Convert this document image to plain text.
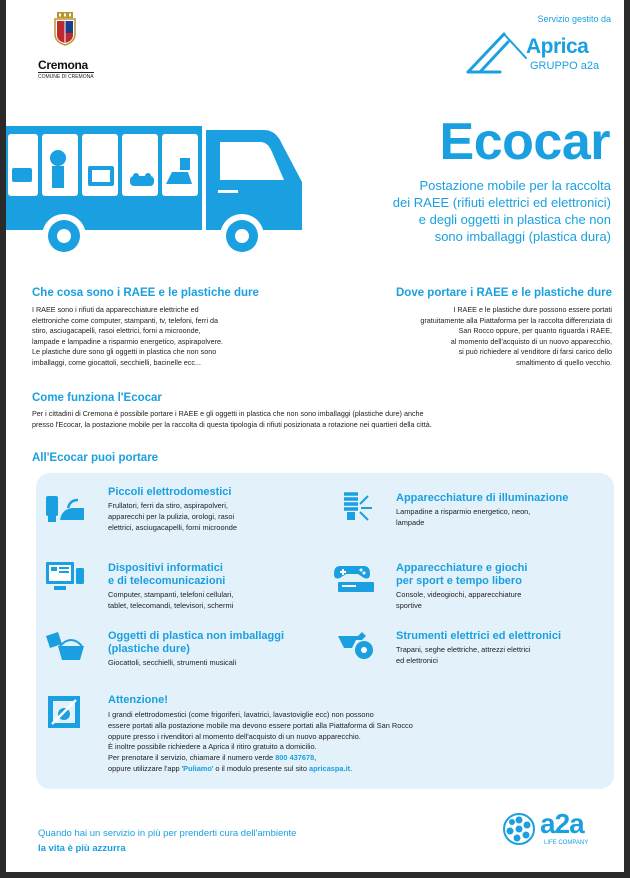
Cremona
COMUNE DI CREMONA
Servizio gestito da
Aprica
GRUPPO a2a
Ecocar
Postazione mobile per la raccolta
dei RAEE (rifiuti elettrici ed elettronici)
e degli oggetti in plastica che non
sono imballaggi (plastica dura)
Che cosa sono i RAEE e le plastiche dure
I RAEE sono i rifiuti da apparecchiature elettriche ed
elettroniche come computer, stampanti, tv, telefoni, ferri da
stiro, asciugacapelli, rasoi elettrici, forni a microonde,
lampade e lampadine a risparmio energetico, aspirapolvere.
Le plastiche dure sono gli oggetti in plastica che non sono
imballaggi, come giocattoli, secchielli, bacinelle ecc...
Dove portare i RAEE e le plastiche dure
I RAEE e le plastiche dure possono essere portati
gratuitamente alla Piattaforma per la raccolta differenziata di
San Rocco oppure, per quanto riguarda i RAEE,
al momento dell'acquisto di un nuovo apparecchio,
si può richiedere al venditore di farsi carico dello
smaltimento di quello vecchio.
Come funziona l'Ecocar
Per i cittadini di Cremona è possibile portare i RAEE e gli oggetti in plastica che non sono imballaggi (plastiche dure) anche
presso l'Ecocar, la postazione mobile per la raccolta di questa tipologia di rifiuti posizionata a rotazione nei quartieri della città.
All'Ecocar puoi portare
Piccoli elettrodomestici
Frullatori, ferri da stiro, aspirapolveri,
apparecchi per la pulizia, orologi, rasoi
elettrici, asciugacapelli, forni microonde
Apparecchiature di illuminazione
Lampadine a risparmio energetico, neon,
lampade
Dispositivi informatici
e di telecomunicazioni
Computer, stampanti, telefoni cellulari,
tablet, telecomandi, televisori, schermi
Apparecchiature e giochi
per sport e tempo libero
Console, videogiochi, apparecchiature
sportive
Oggetti di plastica non imballaggi
(plastiche dure)
Giocattoli, secchielli, strumenti musicali
Strumenti elettrici ed elettronici
Trapani, seghe elettriche, attrezzi elettrici
ed elettronici
Attenzione!
I grandi elettrodomestici (come frigoriferi, lavatrici, lavastoviglie ecc) non possono
essere portati alla postazione mobile ma devono essere portati alla Piattaforma di San Rocco
oppure presso i rivenditori al momento dell'acquisto di un nuovo apparecchio.
È inoltre possibile richiedere a Aprica il ritiro gratuito a domicilio.
Per prenotare il servizio, chiamare il numero verde 800 437678,
oppure utilizzare l'app 'Puliamo' o il modulo presente sul sito apricaspa.it.
Quando hai un servizio in più per prenderti cura dell'ambiente
la vita è più azzurra
a2a
LIFE COMPANY
